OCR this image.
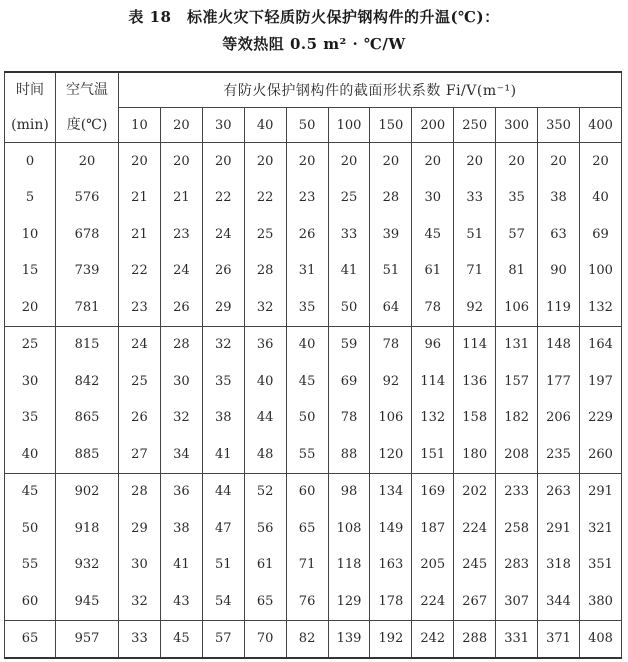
表 18　标准火灾下轻质防火保护钢构件的升温(℃)：
等效热阻 0.5 m² · ℃/W
时间	空气温	有防火保护钢构件的截面形状系数 Fi/V(m⁻¹)											
(min)	度(℃)	10	20	30	40	50	100	150	200	250	300	350	400
0	20	20	20	20	20	20	20	20	20	20	20	20	20
5	576	21	21	22	22	23	25	28	30	33	35	38	40
10	678	21	23	24	25	26	33	39	45	51	57	63	69
15	739	22	24	26	28	31	41	51	61	71	81	90	100
20	781	23	26	29	32	35	50	64	78	92	106	119	132
25	815	24	28	32	36	40	59	78	96	114	131	148	164
30	842	25	30	35	40	45	69	92	114	136	157	177	197
35	865	26	32	38	44	50	78	106	132	158	182	206	229
40	885	27	34	41	48	55	88	120	151	180	208	235	260
45	902	28	36	44	52	60	98	134	169	202	233	263	291
50	918	29	38	47	56	65	108	149	187	224	258	291	321
55	932	30	41	51	61	71	118	163	205	245	283	318	351
60	945	32	43	54	65	76	129	178	224	267	307	344	380
65	957	33	45	57	70	82	139	192	242	288	331	371	408
